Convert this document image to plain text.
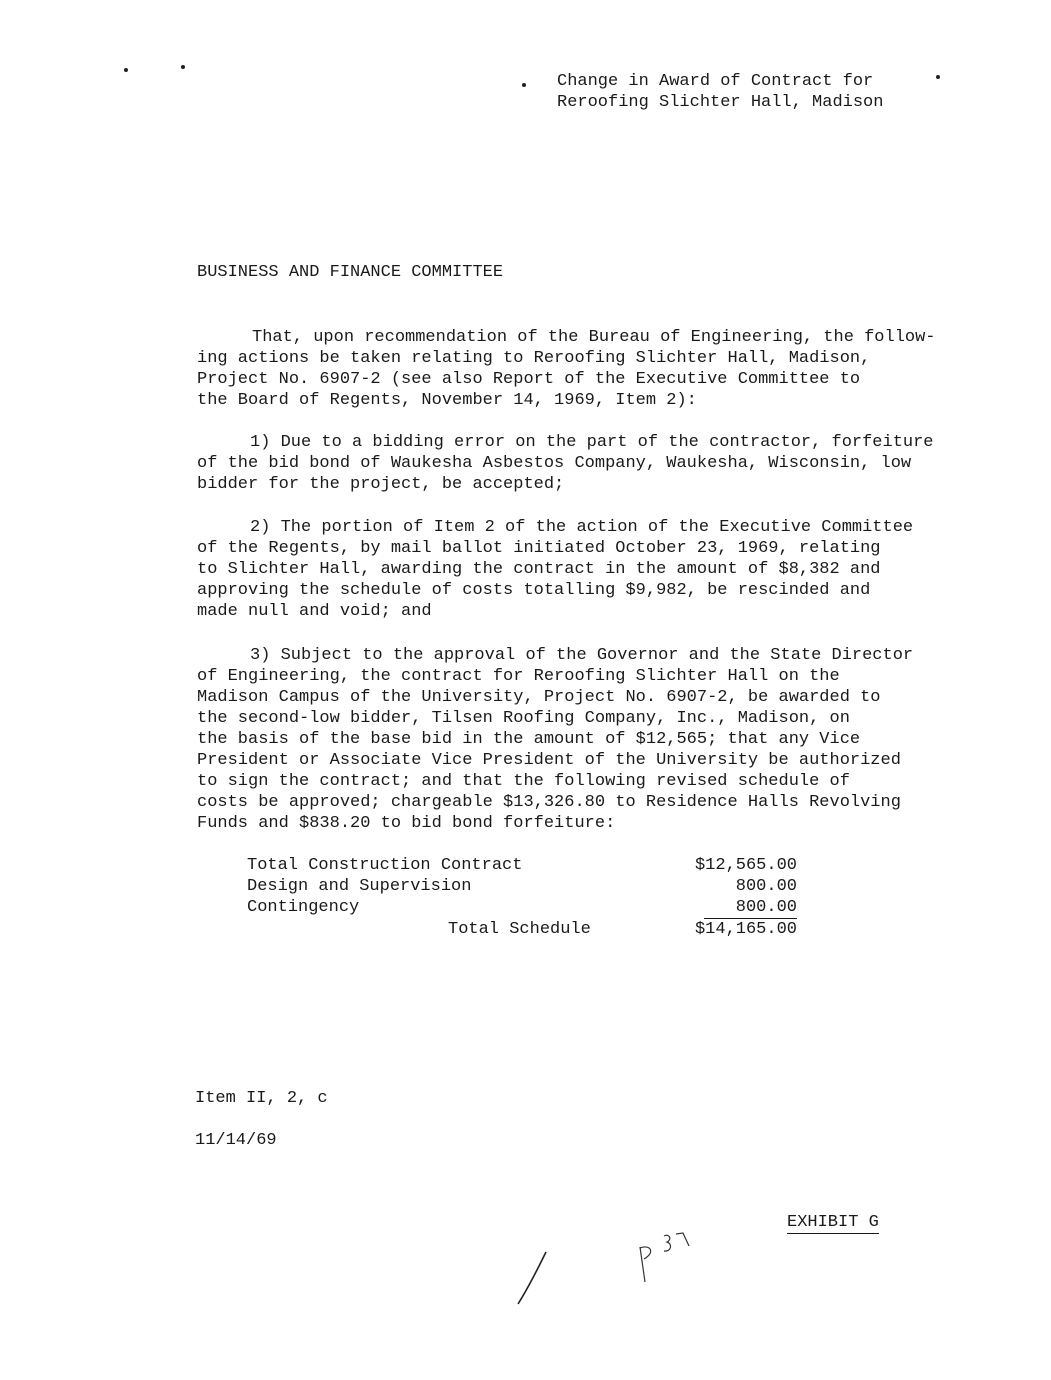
Change in Award of Contract for

Reroofing Slichter Hall, Madison

BUSINESS AND FINANCE COMMITTEE

That, upon recommendation of the Bureau of Engineering, the follow-

ing actions be taken relating to Reroofing Slichter Hall, Madison,

Project No. 6907-2 (see also Report of the Executive Committee to

the Board of Regents, November 14, 1969, Item 2):

1) Due to a bidding error on the part of the contractor, forfeiture

of the bid bond of Waukesha Asbestos Company, Waukesha, Wisconsin, low

bidder for the project, be accepted;

2) The portion of Item 2 of the action of the Executive Committee

of the Regents, by mail ballot initiated October 23, 1969, relating

to Slichter Hall, awarding the contract in the amount of $8,382 and

approving the schedule of costs totalling $9,982, be rescinded and

made null and void; and

3) Subject to the approval of the Governor and the State Director

of Engineering, the contract for Reroofing Slichter Hall on the

Madison Campus of the University, Project No. 6907-2, be awarded to

the second-low bidder, Tilsen Roofing Company, Inc., Madison, on

the basis of the base bid in the amount of $12,565; that any Vice

President or Associate Vice President of the University be authorized

to sign the contract; and that the following revised schedule of

costs be approved; chargeable $13,326.80 to Residence Halls Revolving

Funds and $838.20 to bid bond forfeiture:

Total Construction Contract	$12,565.00
Design and Supervision	800.00
Contingency	800.00
Total Schedule	$14,165.00

Item II, 2, c

11/14/69

EXHIBIT G
